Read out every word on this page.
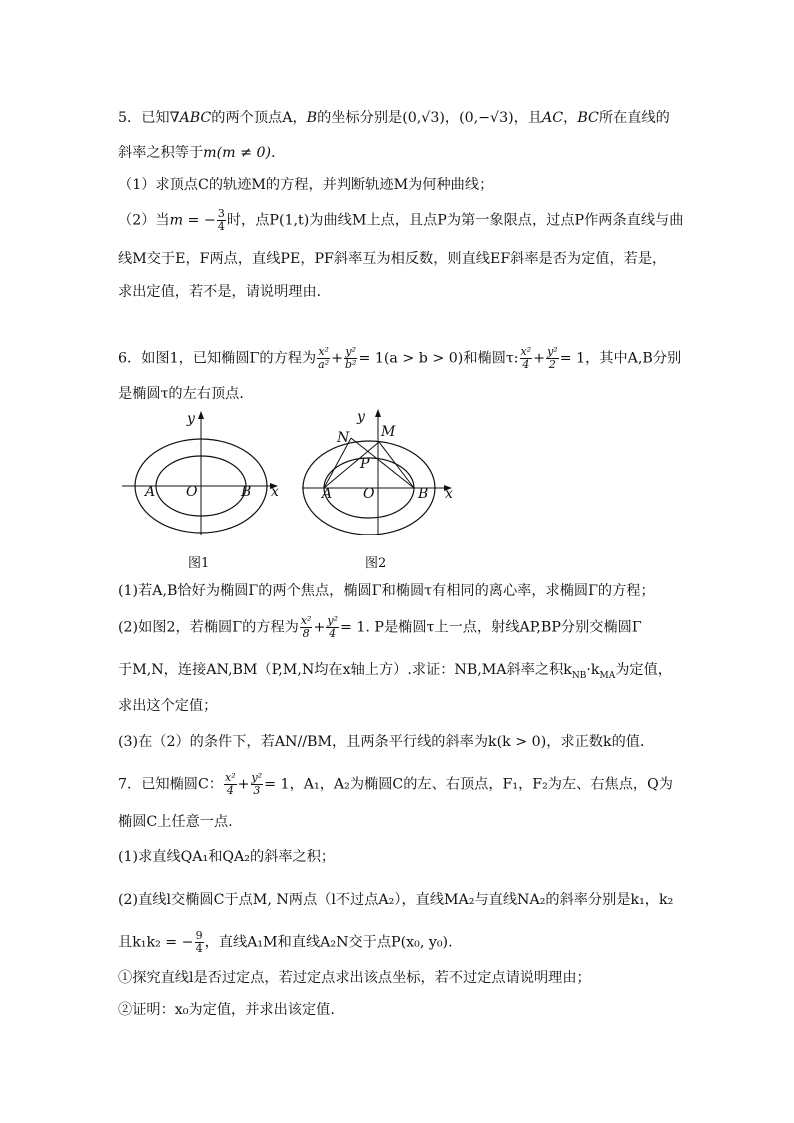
5．已知∇ABC的两个顶点A，B的坐标分别是(0,√3)，(0,−√3)，且AC，BC所在直线的
斜率之积等于m(m ≠ 0)．
（1）求顶点C的轨迹M的方程，并判断轨迹M为何种曲线；
（2）当m = − $\frac{3}{4}$ 时，点P(1,t)为曲线M上点，且点P为第一象限点，过点P作两条直线与曲
线M交于E，F两点，直线PE，PF斜率互为相反数，则直线EF斜率是否为定值，若是，
求出定值，若不是，请说明理由．
6．如图1，已知椭圆Γ的方程为 $\frac{\text{x²}}{\text{a²}} + \frac{\text{y²}}{\text{b²}} = 1(a > b > 0)$和椭圆τ: $\frac{\text{x²}}{4} + \frac{\text{y²}}{2} = 1$，其中A,B分别
是椭圆τ的左右顶点．
y
A O	B x
图1
y
N M
P
A O	B x
图2
(1)若A,B恰好为椭圆Γ的两个焦点，椭圆Γ和椭圆τ有相同的离心率，求椭圆Γ的方程；
(2)如图2，若椭圆Γ的方程为 $\frac{\text{x²}}{8} + \frac{\text{y²}}{4} = 1$. P是椭圆τ上一点，射线AP,BP分别交椭圆Γ
于M,N，连接AN,BM（P,M,N均在x轴上方）.求证：NB,MA斜率之积$k_{NB}\cdot k_{MA}$为定值，
求出这个定值；
(3)在（2）的条件下，若AN//BM，且两条平行线的斜率为k(k > 0)，求正数k的值．
7．已知椭圆C： $\frac{\text{x²}}{4} + \frac{\text{y²}}{3} = 1$，A₁，A₂为椭圆C的左、右顶点，F₁，F₂为左、右焦点，Q为
椭圆C上任意一点.
(1)求直线QA₁和QA₂的斜率之积；
(2)直线l交椭圆C于点M, N两点（l不过点A₂），直线MA₂与直线NA₂的斜率分别是k₁，k₂
且k₁k₂ = − $\frac{9}{4}$ ，直线A₁M和直线A₂N交于点P(x₀, y₀).
①探究直线l是否过定点，若过定点求出该点坐标，若不过定点请说明理由；
②证明：x₀为定值，并求出该定值.
